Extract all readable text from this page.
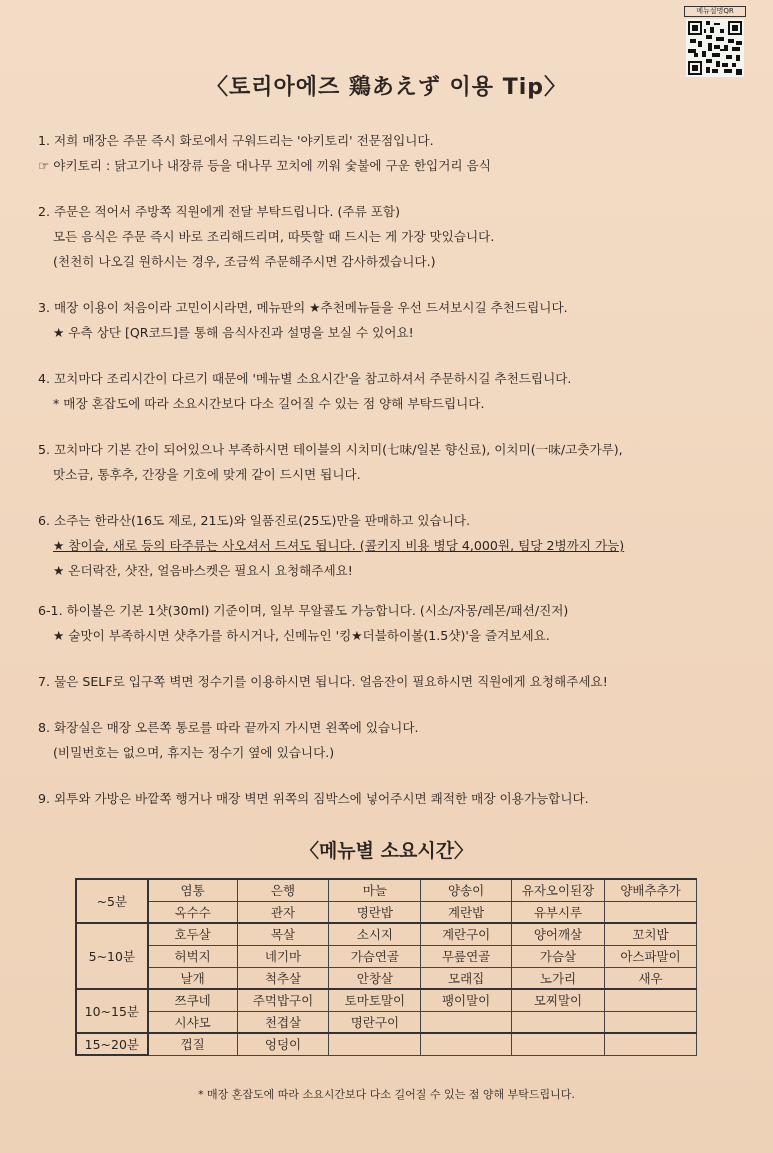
메뉴설명QR
〈토리아에즈 鶏あえず 이용 Tip〉
1. 저희 매장은 주문 즉시 화로에서 구워드리는 '야키토리' 전문점입니다.
☞ 야키토리 : 닭고기나 내장류 등을 대나무 꼬치에 끼워 숯불에 구운 한입거리 음식
2. 주문은 적어서 주방쪽 직원에게 전달 부탁드립니다. (주류 포함)
모든 음식은 주문 즉시 바로 조리해드리며, 따뜻할 때 드시는 게 가장 맛있습니다.
(천천히 나오길 원하시는 경우, 조금씩 주문해주시면 감사하겠습니다.)
3. 매장 이용이 처음이라 고민이시라면, 메뉴판의 ★추천메뉴들을 우선 드셔보시길 추천드립니다.
★ 우측 상단 [QR코드]를 통해 음식사진과 설명을 보실 수 있어요!
4. 꼬치마다 조리시간이 다르기 때문에 '메뉴별 소요시간'을 참고하셔서 주문하시길 추천드립니다.
* 매장 혼잡도에 따라 소요시간보다 다소 길어질 수 있는 점 양해 부탁드립니다.
5. 꼬치마다 기본 간이 되어있으나 부족하시면 테이블의 시치미(七味/일본 향신료), 이치미(一味/고춧가루),
맛소금, 통후추, 간장을 기호에 맞게 같이 드시면 됩니다.
6. 소주는 한라산(16도 제로, 21도)와 일품진로(25도)만을 판매하고 있습니다.
★ 참이슬, 새로 등의 타주류는 사오셔서 드셔도 됩니다. (콜키지 비용 병당 4,000원, 팀당 2병까지 가능)
★ 온더락잔, 샷잔, 얼음바스켓은 필요시 요청해주세요!
6-1. 하이볼은 기본 1샷(30ml) 기준이며, 일부 무알콜도 가능합니다. (시소/자몽/레몬/패션/진저)
★ 술맛이 부족하시면 샷추가를 하시거나, 신메뉴인 '킹★더블하이볼(1.5샷)'을 즐겨보세요.
7. 물은 SELF로 입구쪽 벽면 정수기를 이용하시면 됩니다. 얼음잔이 필요하시면 직원에게 요청해주세요!
8. 화장실은 매장 오른쪽 통로를 따라 끝까지 가시면 왼쪽에 있습니다.
(비밀번호는 없으며, 휴지는 정수기 옆에 있습니다.)
9. 외투와 가방은 바깥쪽 행거나 매장 벽면 위쪽의 짐박스에 넣어주시면 쾌적한 매장 이용가능합니다.
〈메뉴별 소요시간〉
~5분	염통	은행	마늘	양송이	유자오이된장	양배추추가
	옥수수	관자	명란밥	계란밥	유부시루	
5~10분	호두살	목살	소시지	계란구이	양어깨살	꼬치밥
	허벅지	네기마	가슴연골	무릎연골	가슴살	아스파말이
	날개	척추살	안창살	모래집	노가리	새우
10~15분	쯔쿠네	주먹밥구이	토마토말이	팽이말이	모찌말이	
	시샤모	천겹살	명란구이			
15~20분	껍질	엉덩이				
* 매장 혼잡도에 따라 소요시간보다 다소 길어질 수 있는 점 양해 부탁드립니다.
